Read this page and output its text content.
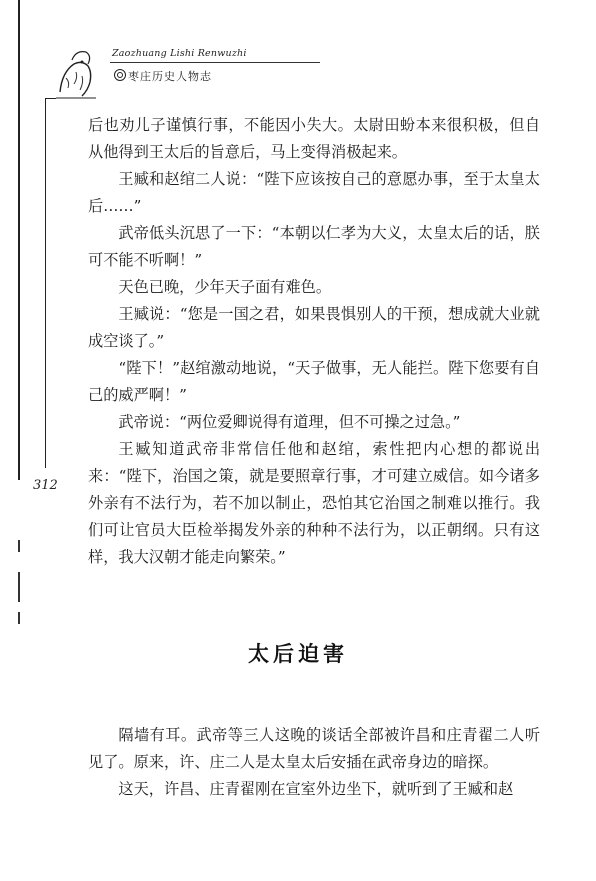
Zaozhuang Lishi Renwuzhi
枣庄历史人物志

后也劝儿子谨慎行事，不能因小失大。太尉田蚡本来很积极，但自从他得到王太后的旨意后，马上变得消极起来。

王臧和赵绾二人说：“陛下应该按自己的意愿办事，至于太皇太后……”

武帝低头沉思了一下：“本朝以仁孝为大义，太皇太后的话，朕可不能不听啊！”

天色已晚，少年天子面有难色。

王臧说：“您是一国之君，如果畏惧别人的干预，想成就大业就成空谈了。”

“陛下！”赵绾激动地说，“天子做事，无人能拦。陛下您要有自己的威严啊！”

武帝说：“两位爱卿说得有道理，但不可操之过急。”

王臧知道武帝非常信任他和赵绾，索性把内心想的都说出来：“陛下，治国之策，就是要照章行事，才可建立威信。如今诸多外亲有不法行为，若不加以制止，恐怕其它治国之制难以推行。我们可让官员大臣检举揭发外亲的种种不法行为，以正朝纲。只有这样，我大汉朝才能走向繁荣。”

312
太后迫害

隔墙有耳。武帝等三人这晚的谈话全部被许昌和庄青翟二人听见了。原来，许、庄二人是太皇太后安插在武帝身边的暗探。

这天，许昌、庄青翟刚在宣室外边坐下，就听到了王臧和赵
